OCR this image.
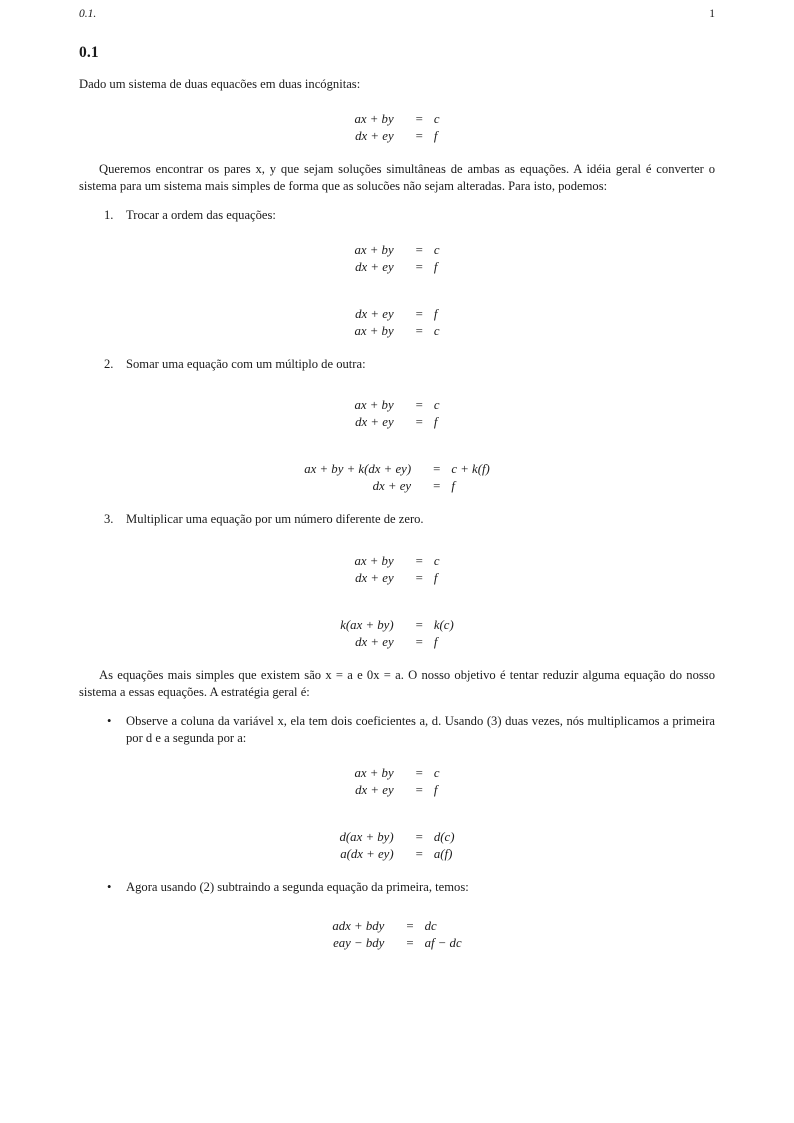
0.1.	1
0.1

Dado um sistema de duas equacões em duas incógnitas:

ax + by	=	c
dx + ey	=	f

Queremos encontrar os pares x, y que sejam soluções simultâneas de ambas as equações. A idéia geral é converter o sistema para um sistema mais simples de forma que as solucões não sejam alteradas. Para isto, podemos:

1. Trocar a ordem das equações:
ax + by	=	c
dx + ey	=	f
dx + ey	=	f
ax + by	=	c
2. Somar uma equação com um múltiplo de outra:
ax + by	=	c
dx + ey	=	f
ax + by + k(dx + ey)	=	c + k(f)
dx + ey	=	f
3. Multiplicar uma equação por um número diferente de zero.
ax + by	=	c
dx + ey	=	f
k(ax + by)	=	k(c)
dx + ey	=	f

As equações mais simples que existem são x = a e 0x = a. O nosso objetivo é tentar reduzir alguma equação do nosso sistema a essas equações. A estratégia geral é:

• Observe a coluna da variável x, ela tem dois coeficientes a, d. Usando (3) duas vezes, nós multiplicamos a primeira por d e a segunda por a:
ax + by	=	c
dx + ey	=	f
d(ax + by)	=	d(c)
a(dx + ey)	=	a(f)
• Agora usando (2) subtraindo a segunda equação da primeira, temos:
adx + bdy	=	dc
eay − bdy	=	af − dc
